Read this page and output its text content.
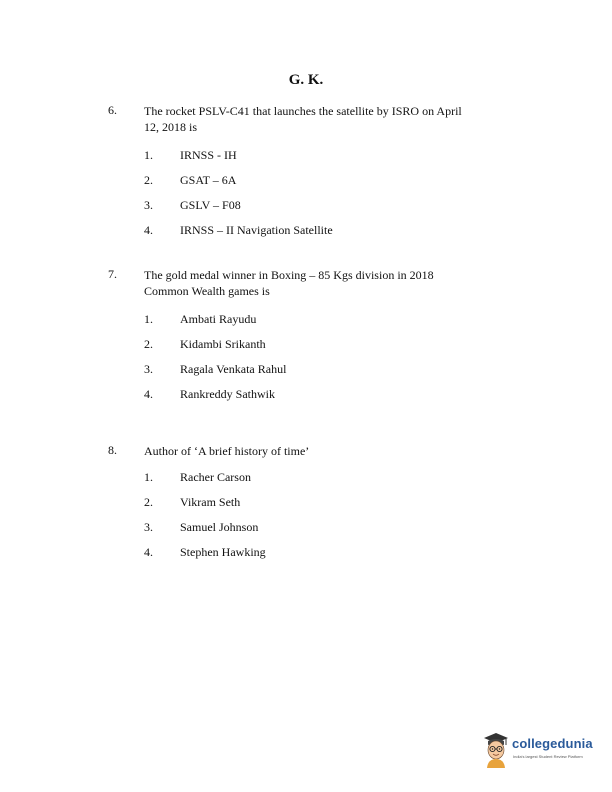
G. K.
6. The rocket PSLV-C41 that launches the satellite by ISRO on April 12, 2018 is
1. IRNSS - IH
2. GSAT – 6A
3. GSLV – F08
4. IRNSS – II Navigation Satellite
7. The gold medal winner in Boxing – 85 Kgs division in 2018 Common Wealth games is
1. Ambati Rayudu
2. Kidambi Srikanth
3. Ragala Venkata Rahul
4. Rankreddy Sathwik
8. Author of ‘A brief history of time’
1. Racher Carson
2. Vikram Seth
3. Samuel Johnson
4. Stephen Hawking
collegedunia
India's largest Student Review Platform
